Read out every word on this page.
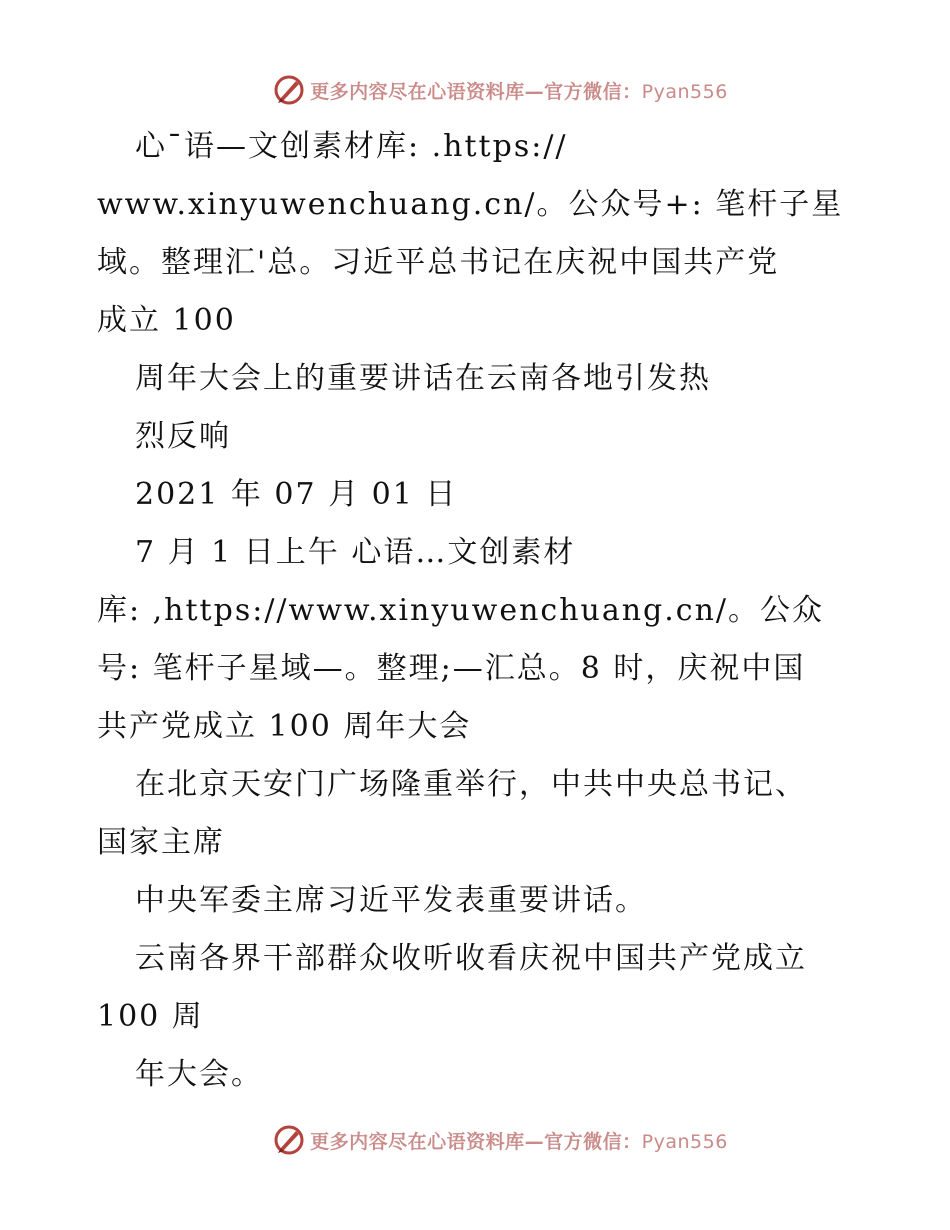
更多内容尽在心语资料库—官方微信：Pyan556
心¯语—文创素材库: .https://
www.xinyuwenchuang.cn/。公众号+: 笔杆子星
域。整理汇'总。习近平总书记在庆祝中国共产党
成立 100
周年大会上的重要讲话在云南各地引发热
烈反响
2021 年 07 月 01 日
7 月 1 日上午 心语…文创素材
库: ,https://www.xinyuwenchuang.cn/。公众
号: 笔杆子星域—。整理;—汇总。8 时，庆祝中国
共产党成立 100 周年大会
在北京天安门广场隆重举行，中共中央总书记、
国家主席
中央军委主席习近平发表重要讲话。
云南各界干部群众收听收看庆祝中国共产党成立
100 周
年大会。
更多内容尽在心语资料库—官方微信：Pyan556
